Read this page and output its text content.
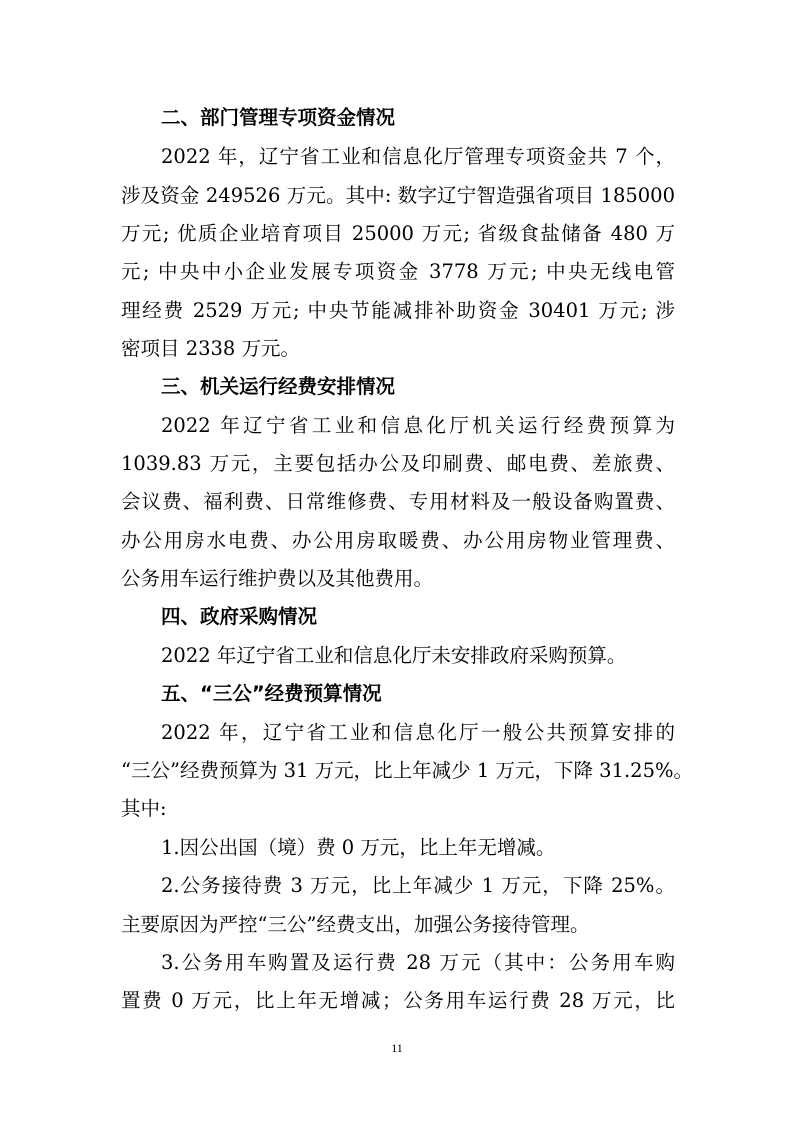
二、部门管理专项资金情况
2022 年，辽宁省工业和信息化厅管理专项资金共 7 个，
涉及资金 249526 万元。其中: 数字辽宁智造强省项目 185000
万元; 优质企业培育项目 25000 万元; 省级食盐储备 480 万
元; 中央中小企业发展专项资金 3778 万元; 中央无线电管
理经费 2529 万元; 中央节能减排补助资金 30401 万元; 涉
密项目 2338 万元。
三、机关运行经费安排情况
2022 年辽宁省工业和信息化厅机关运行经费预算为
1039.83 万元，主要包括办公及印刷费、邮电费、差旅费、
会议费、福利费、日常维修费、专用材料及一般设备购置费、
办公用房水电费、办公用房取暖费、办公用房物业管理费、
公务用车运行维护费以及其他费用。
四、政府采购情况
2022 年辽宁省工业和信息化厅未安排政府采购预算。
五、“三公”经费预算情况
2022 年，辽宁省工业和信息化厅一般公共预算安排的
“三公”经费预算为 31 万元，比上年减少 1 万元，下降 31.25%。
其中:
1.因公出国（境）费 0 万元，比上年无增减。
2.公务接待费 3 万元，比上年减少 1 万元，下降 25%。
主要原因为严控“三公”经费支出，加强公务接待管理。
3.公务用车购置及运行费 28 万元（其中：公务用车购
置费 0 万元，比上年无增减；公务用车运行费 28 万元，比
11
